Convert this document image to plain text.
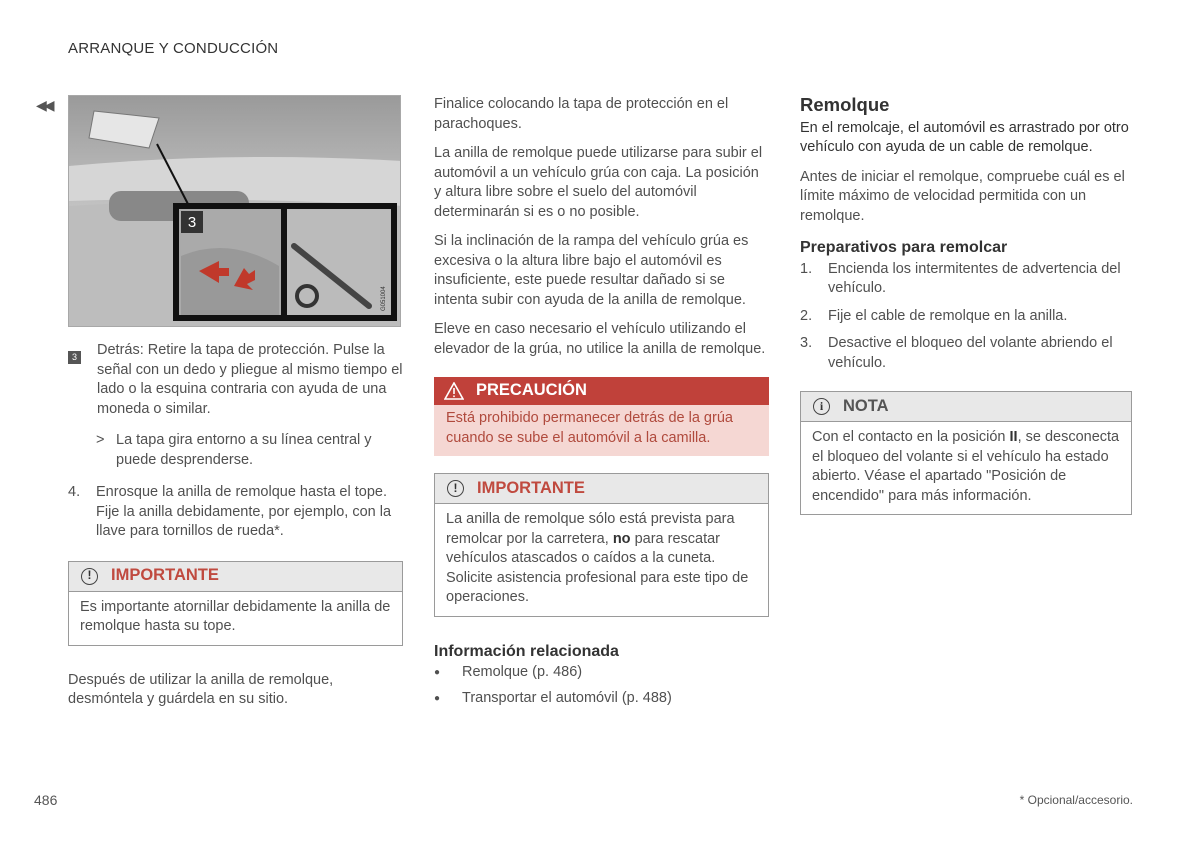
ARRANQUE Y CONDUCCIÓN
◀◀
3
G051004
3 Detrás: Retire la tapa de protección. Pulse la señal con un dedo y pliegue al mismo tiempo el lado o la esquina contraria con ayuda de una moneda o similar.
> La tapa gira entorno a su línea central y puede desprenderse.
4.	Enrosque la anilla de remolque hasta el tope. Fije la anilla debidamente, por ejemplo, con la llave para tornillos de rueda*.
!	IMPORTANTE
Es importante atornillar debidamente la anilla de remolque hasta su tope.

Después de utilizar la anilla de remolque, desmóntela y guárdela en su sitio.

Finalice colocando la tapa de protección en el parachoques.

La anilla de remolque puede utilizarse para subir el automóvil a un vehículo grúa con caja. La posición y altura libre sobre el suelo del automóvil determinarán si es o no posible.

Si la inclinación de la rampa del vehículo grúa es excesiva o la altura libre bajo el automóvil es insuficiente, este puede resultar dañado si se intenta subir con ayuda de la anilla de remolque.

Eleve en caso necesario el vehículo utilizando el elevador de la grúa, no utilice la anilla de remolque.

PRECAUCIÓN
Está prohibido permanecer detrás de la grúa cuando se sube el automóvil a la camilla.
!	IMPORTANTE
La anilla de remolque sólo está prevista para remolcar por la carretera, no para rescatar vehículos atascados o caídos a la cuneta. Solicite asistencia profesional para este tipo de operaciones.
Información relacionada
●	Remolque (p. 486)
●	Transportar el automóvil (p. 488)
Remolque

En el remolcaje, el automóvil es arrastrado por otro vehículo con ayuda de un cable de remolque.

Antes de iniciar el remolque, compruebe cuál es el límite máximo de velocidad permitida con un remolque.

Preparativos para remolcar
1.	Encienda los intermitentes de advertencia del vehículo.
2.	Fije el cable de remolque en la anilla.
3.	Desactive el bloqueo del volante abriendo el vehículo.
i	NOTA
Con el contacto en la posición II, se desconecta el bloqueo del volante si el vehículo ha estado abierto. Véase el apartado "Posición de encendido" para más información.
486	* Opcional/accesorio.
